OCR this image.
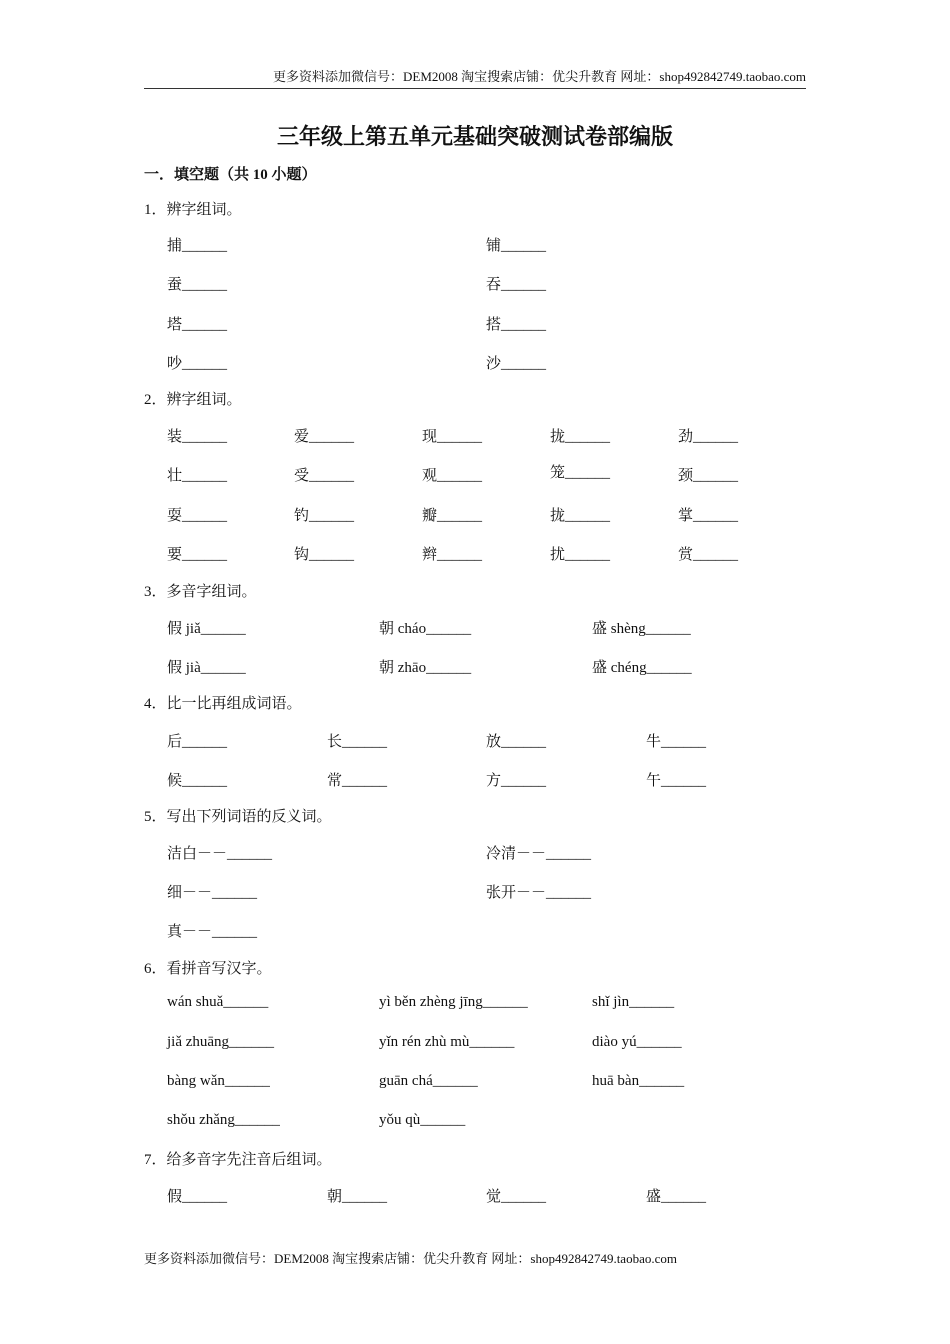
更多资料添加微信号：DEM2008 淘宝搜索店铺：优尖升教育 网址：shop492842749.taobao.com
三年级上第五单元基础突破测试卷部编版
一．填空题（共 10 小题）
1．辨字组词。
捕______	铺______
蚕______	吞______
塔______	搭______
吵______	沙______
2．辨字组词。
装______	爱______	现______	拢______	劲______
壮______	受______	观______	笼______	颈______
耍______	钓______	瓣______	拢______	掌______
要______	钩______	辫______	扰______	赏______
3．多音字组词。
假 jiǎ______	朝 cháo______	盛 shèng______
假 jià______	朝 zhāo______	盛 chéng______
4．比一比再组成词语。
后______	长______	放______	牛______
候______	常______	方______	午______
5．写出下列词语的反义词。
洁白－－______	冷清－－______
细－－______	张开－－______
真－－______
6．看拼音写汉字。
wán shuǎ______	yì běn zhèng jīng______	shǐ jìn______
jiǎ zhuāng______	yǐn rén zhù mù______	diào yú______
bàng wǎn______	guān chá______	huā bàn______
shǒu zhǎng______	yǒu qù______
7．给多音字先注音后组词。
假______	朝______	觉______	盛______
更多资料添加微信号：DEM2008 淘宝搜索店铺：优尖升教育 网址：shop492842749.taobao.com
